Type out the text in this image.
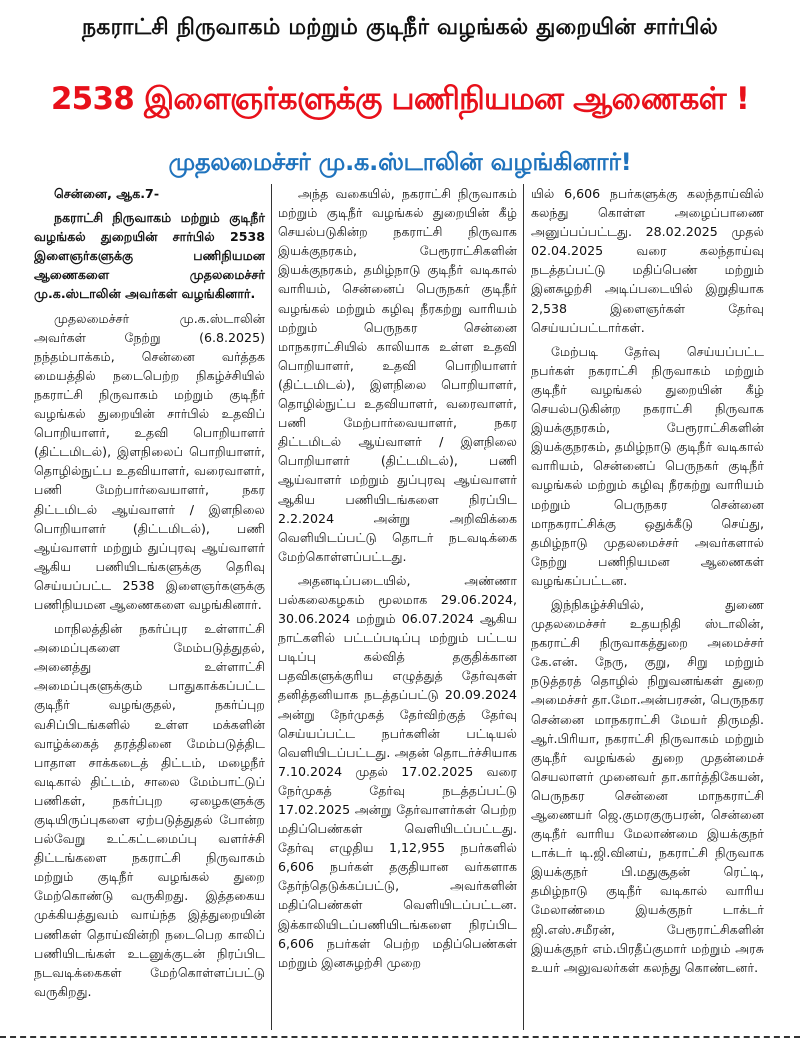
நகராட்சி நிருவாகம் மற்றும் குடிநீர் வழங்கல் துறையின் சார்பில்
2538 இளைஞர்களுக்கு பணிநியமன ஆணைகள் !
முதலமைச்சர் மு.க.ஸ்டாலின் வழங்கினார்!

சென்னை, ஆக.7-

நகராட்சி நிருவாகம் மற்றும் குடிநீர் வழங்கல் துறையின் சார்பில் 2538 இளைஞர்களுக்கு பணிநியமன ஆணைகளை முதலமைச்சர் மு.க.ஸ்டாலின் அவர்கள் வழங்கினார்.

முதலமைச்சர் மு.க.ஸ்டாலின் அவர்கள் நேற்று (6.8.2025) நந்தம்பாக்கம், சென்னை வர்த்தக மையத்தில் நடைபெற்ற நிகழ்ச்சியில் நகராட்சி நிருவாகம் மற்றும் குடிநீர் வழங்கல் துறையின் சார்பில் உதவிப் பொறியாளர், உதவி பொறியாளர் (திட்டமிடல்), இளநிலைப் பொறியாளர், தொழில்நுட்ப உதவியாளர், வரைவாளர், பணி மேற்பார்வையாளர், நகர திட்டமிடல் ஆய்வாளர் / இளநிலை பொறியாளர் (திட்டமிடல்), பணி ஆய்வாளர் மற்றும் துப்புரவு ஆய்வாளர் ஆகிய பணியிடங்களுக்கு தெரிவு செய்யப்பட்ட 2538 இளைஞர்களுக்கு பணிநியமன ஆணைகளை வழங்கினார்.

மாநிலத்தின் நகர்ப்புர உள்ளாட்சி அமைப்புகளை மேம்படுத்துதல், அனைத்து உள்ளாட்சி அமைப்புகளுக்கும் பாதுகாக்கப்பட்ட குடிநீர் வழங்குதல், நகர்ப்புற வசிப்பிடங்களில் உள்ள மக்களின் வாழ்க்கைத் தரத்தினை மேம்படுத்திட பாதாள சாக்கடைத் திட்டம், மழைநீர் வடிகால் திட்டம், சாலை மேம்பாட்டுப் பணிகள், நகர்ப்புற ஏழைகளுக்கு குடியிருப்புகளை ஏற்படுத்துதல் போன்ற பல்வேறு உட்கட்டமைப்பு வளர்ச்சி திட்டங்களை நகராட்சி நிருவாகம் மற்றும் குடிநீர் வழங்கல் துறை மேற்கொண்டு வருகிறது. இத்தகைய முக்கியத்துவம் வாய்ந்த இத்துறையின் பணிகள் தொய்வின்றி நடைபெற காலிப் பணியிடங்கள் உடனுக்குடன் நிரப்பிட நடவடிக்கைகள் மேற்கொள்ளப்பட்டு வருகிறது.

அந்த வகையில், நகராட்சி நிருவாகம் மற்றும் குடிநீர் வழங்கல் துறையின் கீழ் செயல்படுகின்ற நகராட்சி நிருவாக இயக்குநரகம், பேரூராட்சிகளின் இயக்குநரகம், தமிழ்நாடு குடிநீர் வடிகால் வாரியம், சென்னைப் பெருநகர் குடிநீர் வழங்கல் மற்றும் கழிவு நீரகற்று வாரியம் மற்றும் பெருநகர சென்னை மாநகராட்சியில் காலியாக உள்ள உதவி பொறியாளர், உதவி பொறியாளர் (திட்டமிடல்), இளநிலை பொறியாளர், தொழில்நுட்ப உதவியாளர், வரைவாளர், பணி மேற்பார்வையாளர், நகர திட்டமிடல் ஆய்வாளர் / இளநிலை பொறியாளர் (திட்டமிடல்), பணி ஆய்வாளர் மற்றும் துப்புரவு ஆய்வாளர் ஆகிய பணியிடங்களை நிரப்பிட 2.2.2024 அன்று அறிவிக்கை வெளியிடப்பட்டு தொடர் நடவடிக்கை மேற்கொள்ளப்பட்டது.

அதனடிப்படையில், அண்ணா பல்கலைகழகம் மூலமாக 29.06.2024, 30.06.2024 மற்றும் 06.07.2024 ஆகிய நாட்களில் பட்டப்படிப்பு மற்றும் பட்டய படிப்பு கல்வித் தகுதிக்கான பதவிகளுக்குரிய எழுத்துத் தேர்வுகள் தனித்தனியாக நடத்தப்பட்டு 20.09.2024 அன்று நேர்முகத் தேர்விற்குத் தேர்வு செய்யப்பட்ட நபர்களின் பட்டியல் வெளியிடப்பட்டது. அதன் தொடர்ச்சியாக 7.10.2024 முதல் 17.02.2025 வரை நேர்முகத் தேர்வு நடத்தப்பட்டு 17.02.2025 அன்று தேர்வாளர்கள் பெற்ற மதிப்பெண்கள் வெளியிடப்பட்டது. தேர்வு எழுதிய 1,12,955 நபர்களில் 6,606 நபர்கள் தகுதியான வர்களாக தேர்ந்தெடுக்கப்பட்டு, அவர்களின் மதிப்பெண்கள் வெளியிடப்பட்டன. இக்காலியிடப்பணியிடங்களை நிரப்பிட 6,606 நபர்கள் பெற்ற மதிப்பெண்கள் மற்றும் இனசுழற்சி முறை

யில் 6,606 நபர்களுக்கு கலந்தாய்வில் கலந்து கொள்ள அழைப்பாணை அனுப்பப்பட்டது. 28.02.2025 முதல் 02.04.2025 வரை கலந்தாய்வு நடத்தப்பட்டு மதிப்பெண் மற்றும் இனசுழற்சி அடிப்படையில் இறுதியாக 2,538 இளைஞர்கள் தேர்வு செய்யப்பட்டார்கள்.

மேற்படி தேர்வு செய்யப்பட்ட நபர்கள் நகராட்சி நிருவாகம் மற்றும் குடிநீர் வழங்கல் துறையின் கீழ் செயல்படுகின்ற நகராட்சி நிருவாக இயக்குநரகம், பேரூராட்சிகளின் இயக்குநரகம், தமிழ்நாடு குடிநீர் வடிகால் வாரியம், சென்னைப் பெருநகர் குடிநீர் வழங்கல் மற்றும் கழிவு நீரகற்று வாரியம் மற்றும் பெருநகர சென்னை மாநகராட்சிக்கு ஒதுக்கீடு செய்து, தமிழ்நாடு முதலமைச்சர் அவர்களால் நேற்று பணிநியமன ஆணைகள் வழங்கப்பட்டன.

இந்நிகழ்ச்சியில், துணை முதலமைச்சர் உதயநிதி ஸ்டாலின், நகராட்சி நிருவாகத்துறை அமைச்சர் கே.என். நேரு, குறு, சிறு மற்றும் நடுத்தரத் தொழில் நிறுவனங்கள் துறை அமைச்சர் தா.மோ.அன்பரசன், பெருநகர சென்னை மாநகராட்சி மேயர் திருமதி. ஆர்.பிரியா, நகராட்சி நிருவாகம் மற்றும் குடிநீர் வழங்கல் துறை முதன்மைச் செயலாளர் முனைவர் தா.கார்த்திகேயன், பெருநகர சென்னை மாநகராட்சி ஆணையர் ஜெ.குமரகுருபரன், சென்னை குடிநீர் வாரிய மேலாண்மை இயக்குநர் டாக்டர் டி.ஜி.வினய், நகராட்சி நிருவாக இயக்குநர் பி.மதுசூதன் ரெட்டி, தமிழ்நாடு குடிநீர் வடிகால் வாரிய மேலாண்மை இயக்குநர் டாக்டர் ஜி.எஸ்.சமீரன், பேரூராட்சிகளின் இயக்குநர் எம்.பிரதீப்குமார் மற்றும் அரசு உயர் அலுவலர்கள் கலந்து கொண்டனர்.
